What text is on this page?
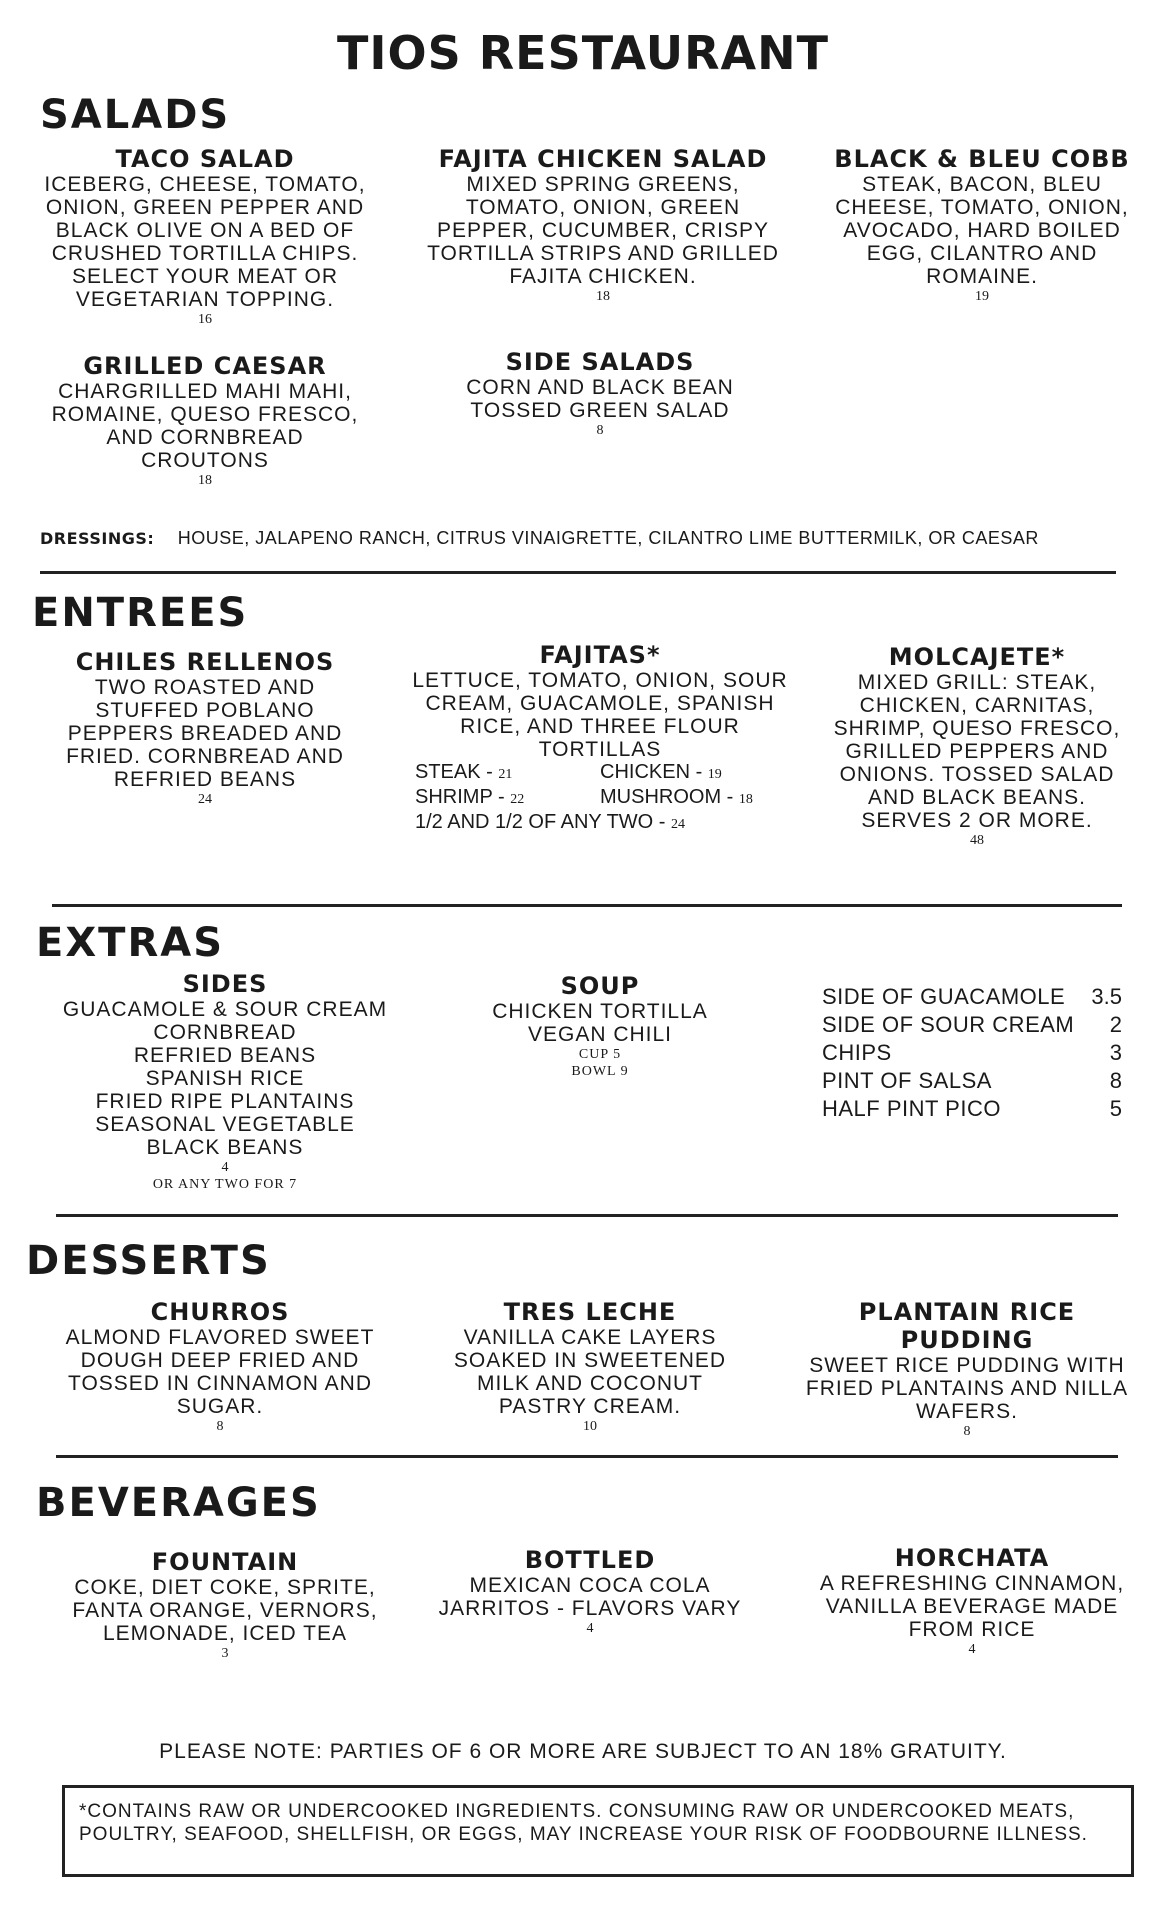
TIOS RESTAURANT
SALADS
TACO SALAD
ICEBERG, CHEESE, TOMATO, ONION, GREEN PEPPER AND BLACK OLIVE ON A BED OF CRUSHED TORTILLA CHIPS. SELECT YOUR MEAT OR VEGETARIAN TOPPING.
16
FAJITA CHICKEN SALAD
MIXED SPRING GREENS, TOMATO, ONION, GREEN PEPPER, CUCUMBER, CRISPY TORTILLA STRIPS AND GRILLED FAJITA CHICKEN.
18
BLACK & BLEU COBB
STEAK, BACON, BLEU CHEESE, TOMATO, ONION, AVOCADO, HARD BOILED EGG, CILANTRO AND ROMAINE.
19
GRILLED CAESAR
CHARGRILLED MAHI MAHI, ROMAINE, QUESO FRESCO, AND CORNBREAD CROUTONS
18
SIDE SALADS
CORN AND BLACK BEAN TOSSED GREEN SALAD
8
DRESSINGS: HOUSE, JALAPENO RANCH, CITRUS VINAIGRETTE, CILANTRO LIME BUTTERMILK, OR CAESAR
ENTREES
CHILES RELLENOS
TWO ROASTED AND STUFFED POBLANO PEPPERS BREADED AND FRIED. CORNBREAD AND REFRIED BEANS
24
FAJITAS*
LETTUCE, TOMATO, ONION, SOUR CREAM, GUACAMOLE, SPANISH RICE, AND THREE FLOUR TORTILLAS
STEAK - 21	CHICKEN - 19
SHRIMP - 22	MUSHROOM - 18
1/2 AND 1/2 OF ANY TWO - 24
MOLCAJETE*
MIXED GRILL: STEAK, CHICKEN, CARNITAS, SHRIMP, QUESO FRESCO, GRILLED PEPPERS AND ONIONS. TOSSED SALAD AND BLACK BEANS. SERVES 2 OR MORE.
48
EXTRAS
SIDES
GUACAMOLE & SOUR CREAM
CORNBREAD
REFRIED BEANS
SPANISH RICE
FRIED RIPE PLANTAINS
SEASONAL VEGETABLE
BLACK BEANS
4
OR ANY TWO FOR 7
SOUP
CHICKEN TORTILLA
VEGAN CHILI
CUP 5
BOWL 9
SIDE OF GUACAMOLE 3.5
SIDE OF SOUR CREAM 2
CHIPS	3
PINT OF SALSA	8
HALF PINT PICO	5
DESSERTS
CHURROS
ALMOND FLAVORED SWEET DOUGH DEEP FRIED AND TOSSED IN CINNAMON AND SUGAR.
8
TRES LECHE
VANILLA CAKE LAYERS SOAKED IN SWEETENED MILK AND COCONUT PASTRY CREAM.
10
PLANTAIN RICE PUDDING
SWEET RICE PUDDING WITH FRIED PLANTAINS AND NILLA WAFERS.
8
BEVERAGES
FOUNTAIN
COKE, DIET COKE, SPRITE, FANTA ORANGE, VERNORS, LEMONADE, ICED TEA
3
BOTTLED
MEXICAN COCA COLA JARRITOS - FLAVORS VARY
4
HORCHATA
A REFRESHING CINNAMON, VANILLA BEVERAGE MADE FROM RICE
4
PLEASE NOTE: PARTIES OF 6 OR MORE ARE SUBJECT TO AN 18% GRATUITY.
*CONTAINS RAW OR UNDERCOOKED INGREDIENTS. CONSUMING RAW OR UNDERCOOKED MEATS, POULTRY, SEAFOOD, SHELLFISH, OR EGGS, MAY INCREASE YOUR RISK OF FOODBOURNE ILLNESS.
